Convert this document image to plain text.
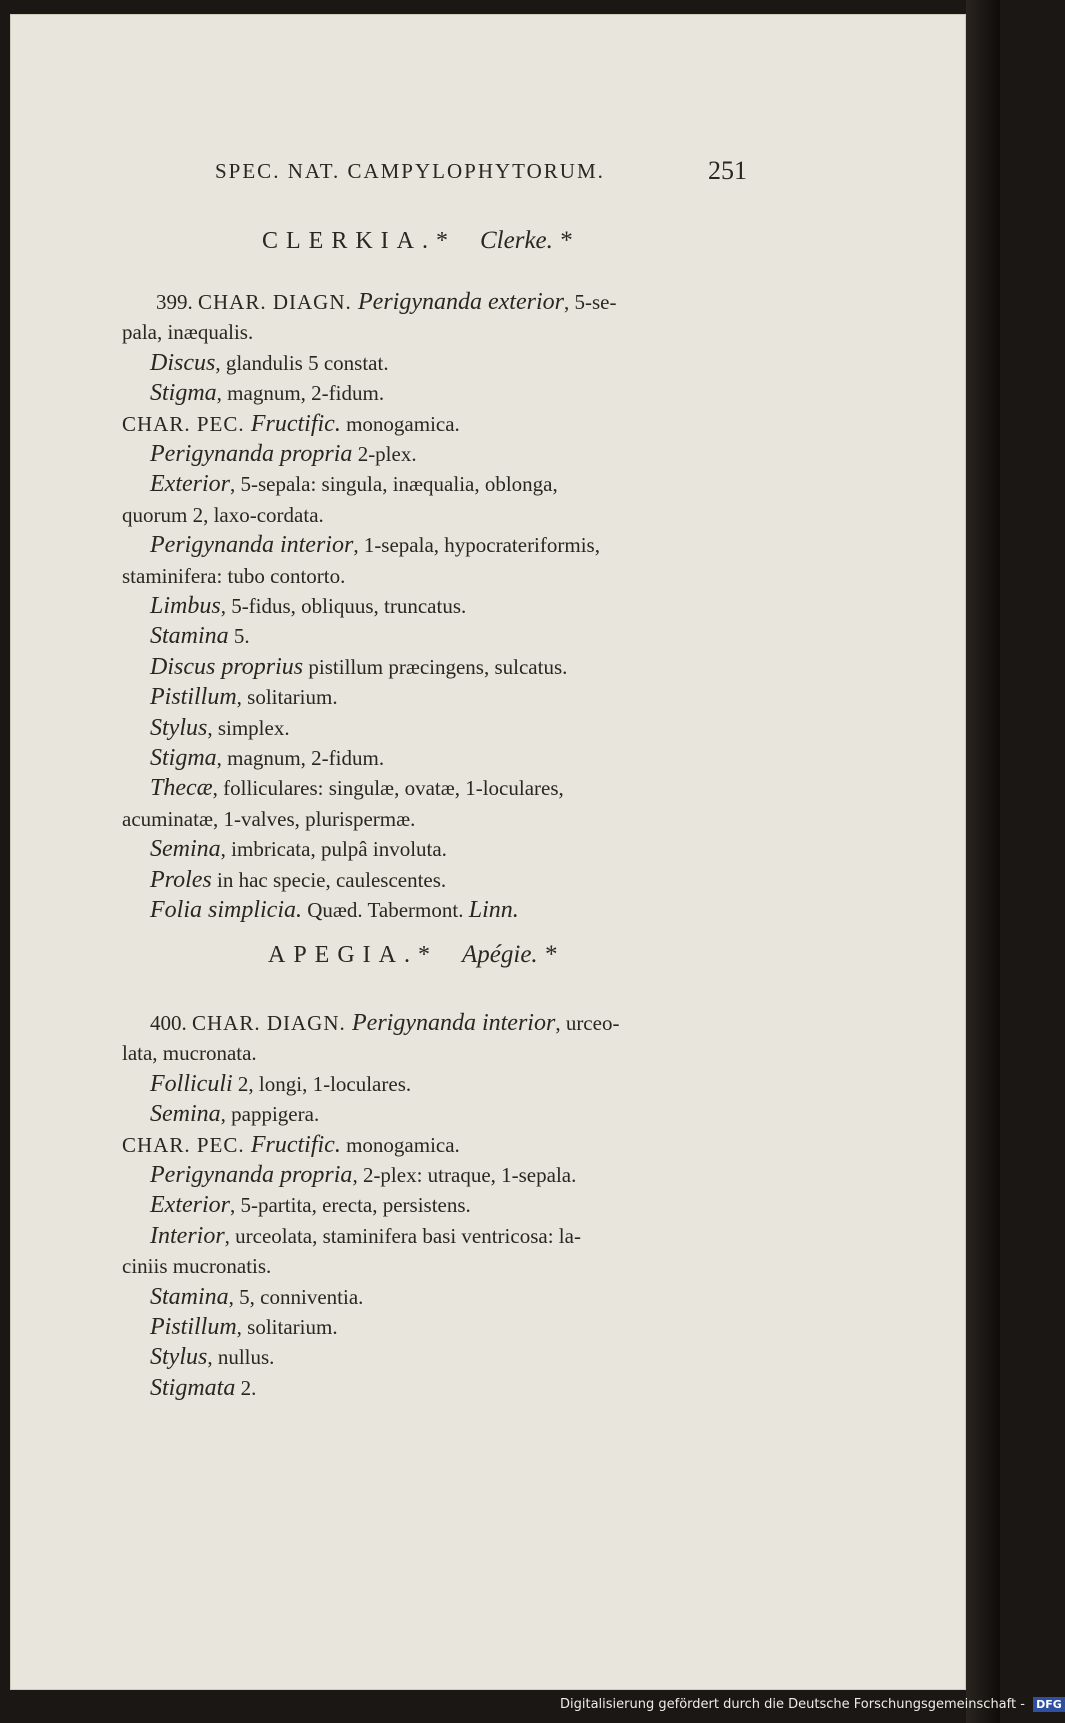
SPEC. NAT. CAMPYLOPHYTORUM.	251
CLERKIA.* Clerke. *
399. CHAR. DIAGN. Perigynanda exterior, 5-se-
pala, inæqualis.
Discus, glandulis 5 constat.
Stigma, magnum, 2-fidum.
CHAR. PEC. Fructific. monogamica.
Perigynanda propria 2-plex.
Exterior, 5-sepala: singula, inæqualia, oblonga,
quorum 2, laxo-cordata.
Perigynanda interior, 1-sepala, hypocrateriformis,
staminifera: tubo contorto.
Limbus, 5-fidus, obliquus, truncatus.
Stamina 5.
Discus proprius pistillum præcingens, sulcatus.
Pistillum, solitarium.
Stylus, simplex.
Stigma, magnum, 2-fidum.
Thecæ, folliculares: singulæ, ovatæ, 1-loculares,
acuminatæ, 1-valves, plurispermæ.
Semina, imbricata, pulpâ involuta.
Proles in hac specie, caulescentes.
Folia simplicia. Quæd. Tabermont. Linn.
APEGIA.* Apégie. *
400. CHAR. DIAGN. Perigynanda interior, urceo-
lata, mucronata.
Folliculi 2, longi, 1-loculares.
Semina, pappigera.
CHAR. PEC. Fructific. monogamica.
Perigynanda propria, 2-plex: utraque, 1-sepala.
Exterior, 5-partita, erecta, persistens.
Interior, urceolata, staminifera basi ventricosa: la-
ciniis mucronatis.
Stamina, 5, conniventia.
Pistillum, solitarium.
Stylus, nullus.
Stigmata 2.
Digitalisierung gefördert durch die Deutsche Forschungsgemeinschaft - DFG
